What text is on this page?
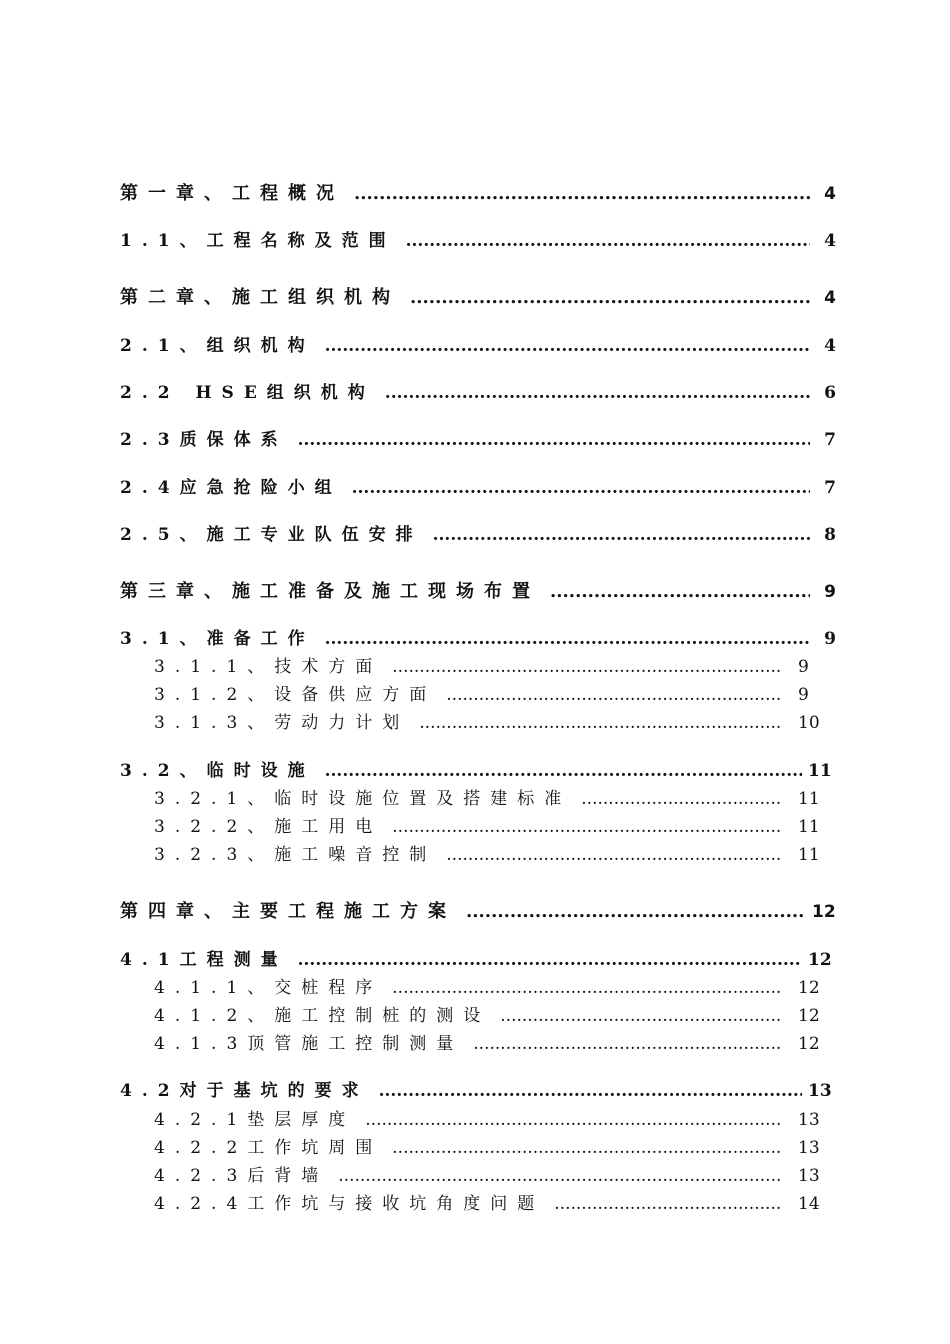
第一章、工程概况 .....	4
1.1、工程名称及范围 .....	4
第二章、施工组织机构 .....	4
2.1、组织机构 .....	4
2.2 HSE组织机构 .....	6
2.3质保体系 .....	7
2.4应急抢险小组 .....	7
2.5、施工专业队伍安排 .....	8
第三章、施工准备及施工现场布置 .....	9
3.1、准备工作 .....	9
3.1.1、技术方面 .....	9
3.1.2、设备供应方面 .....	9
3.1.3、劳动力计划 .....	10
3.2、临时设施 .....	11
3.2.1、临时设施位置及搭建标准 .....	11
3.2.2、施工用电 .....	11
3.2.3、施工噪音控制 .....	11
第四章、主要工程施工方案 .....	12
4.1工程测量 .....	12
4.1.1、交桩程序 .....	12
4.1.2、施工控制桩的测设 .....	12
4.1.3顶管施工控制测量 .....	12
4.2对于基坑的要求 .....	13
4.2.1垫层厚度 .....	13
4.2.2工作坑周围 .....	13
4.2.3后背墙 .....	13
4.2.4工作坑与接收坑角度问题 .....	14
